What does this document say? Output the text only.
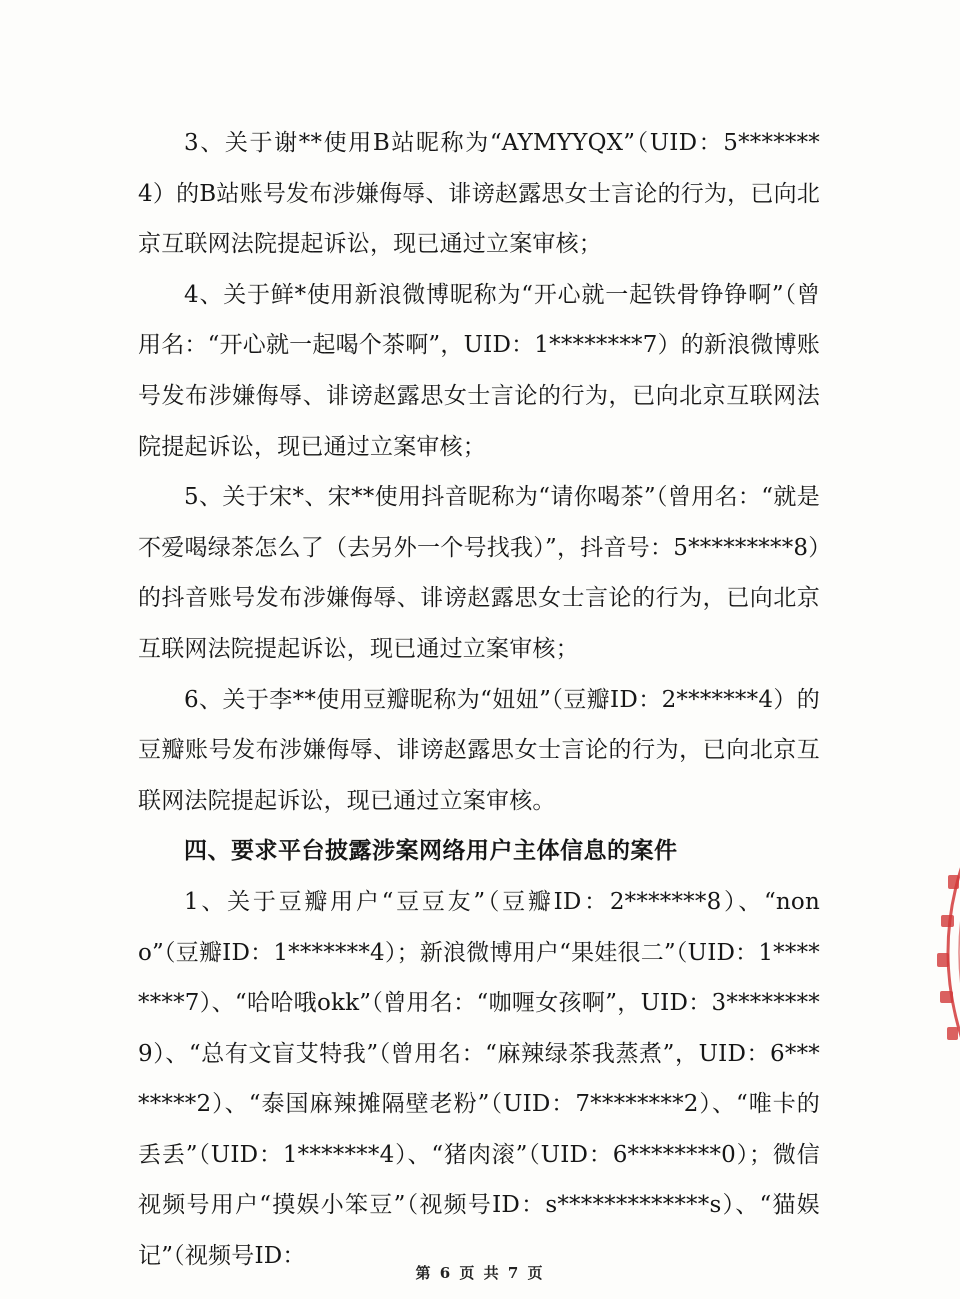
3、关于谢**使用B站昵称为“AYMYYQX”（UID：5*******4）的B站账号发布涉嫌侮辱、诽谤赵露思女士言论的行为，已向北京互联网法院提起诉讼，现已通过立案审核；

4、关于鲜*使用新浪微博昵称为“开心就一起铁骨铮铮啊”（曾用名：“开心就一起喝个茶啊”，UID：1********7）的新浪微博账号发布涉嫌侮辱、诽谤赵露思女士言论的行为，已向北京互联网法院提起诉讼，现已通过立案审核；

5、关于宋*、宋**使用抖音昵称为“请你喝茶”（曾用名：“就是不爱喝绿茶怎么了（去另外一个号找我）”，抖音号：5*********8）的抖音账号发布涉嫌侮辱、诽谤赵露思女士言论的行为，已向北京互联网法院提起诉讼，现已通过立案审核；

6、关于李**使用豆瓣昵称为“妞妞”（豆瓣ID：2*******4）的豆瓣账号发布涉嫌侮辱、诽谤赵露思女士言论的行为，已向北京互联网法院提起诉讼，现已通过立案审核。

四、要求平台披露涉案网络用户主体信息的案件

1、关于豆瓣用户“豆豆友”（豆瓣ID：2*******8）、“nono”（豆瓣ID：1*******4）；新浪微博用户“果娃很二”（UID：1********7）、“哈哈哦okk”（曾用名：“咖喱女孩啊”，UID：3********9）、“总有文盲艾特我”（曾用名：“麻辣绿茶我蒸煮”，UID：6********2）、“泰国麻辣摊隔壁老粉”（UID：7********2）、“唯卡的丢丢”（UID：1*******4）、“猪肉滚”（UID：6********0）；微信视频号用户“摸娱小笨豆”（视频号ID：s*************s）、“猫娱记”（视频号ID：

第 6 页 共 7 页
